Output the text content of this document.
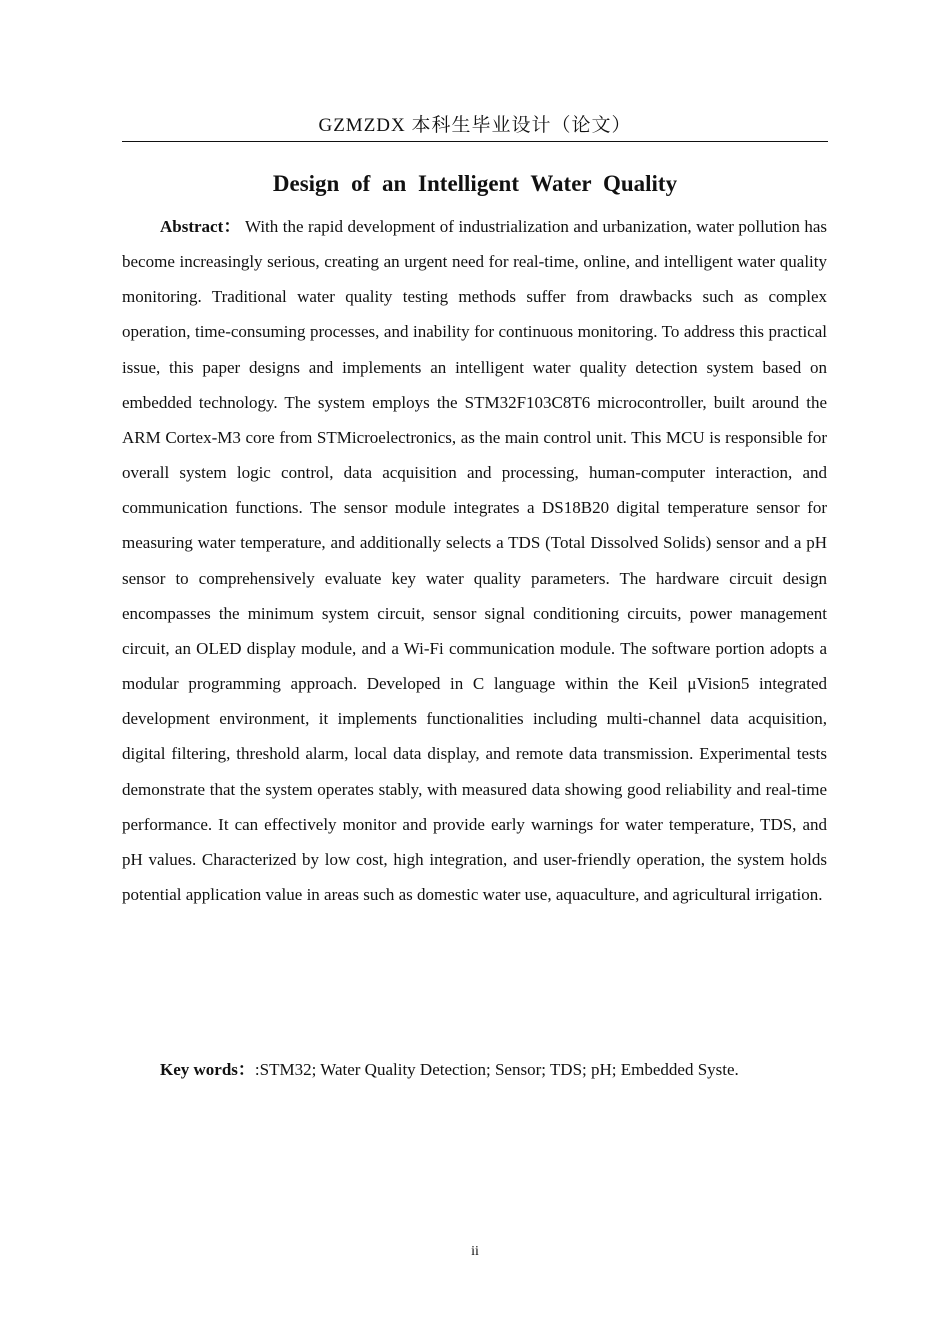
GZMZDX 本科生毕业设计（论文）
Design of an Intelligent Water Quality

Abstract： With the rapid development of industrialization and urbanization, water pollution has become increasingly serious, creating an urgent need for real-time, online, and intelligent water quality monitoring. Traditional water quality testing methods suffer from drawbacks such as complex operation, time-consuming processes, and inability for continuous monitoring. To address this practical issue, this paper designs and implements an intelligent water quality detection system based on embedded technology. The system employs the STM32F103C8T6 microcontroller, built around the ARM Cortex-M3 core from STMicroelectronics, as the main control unit. This MCU is responsible for overall system logic control, data acquisition and processing, human-computer interaction, and communication functions. The sensor module integrates a DS18B20 digital temperature sensor for measuring water temperature, and additionally selects a TDS (Total Dissolved Solids) sensor and a pH sensor to comprehensively evaluate key water quality parameters. The hardware circuit design encompasses the minimum system circuit, sensor signal conditioning circuits, power management circuit, an OLED display module, and a Wi-Fi communication module. The software portion adopts a modular programming approach. Developed in C language within the Keil μVision5 integrated development environment, it implements functionalities including multi-channel data acquisition, digital filtering, threshold alarm, local data display, and remote data transmission. Experimental tests demonstrate that the system operates stably, with measured data showing good reliability and real-time performance. It can effectively monitor and provide early warnings for water temperature, TDS, and pH values. Characterized by low cost, high integration, and user-friendly operation, the system holds potential application value in areas such as domestic water use, aquaculture, and agricultural irrigation.

Key words：:STM32; Water Quality Detection; Sensor; TDS; pH; Embedded Syste.

ii
